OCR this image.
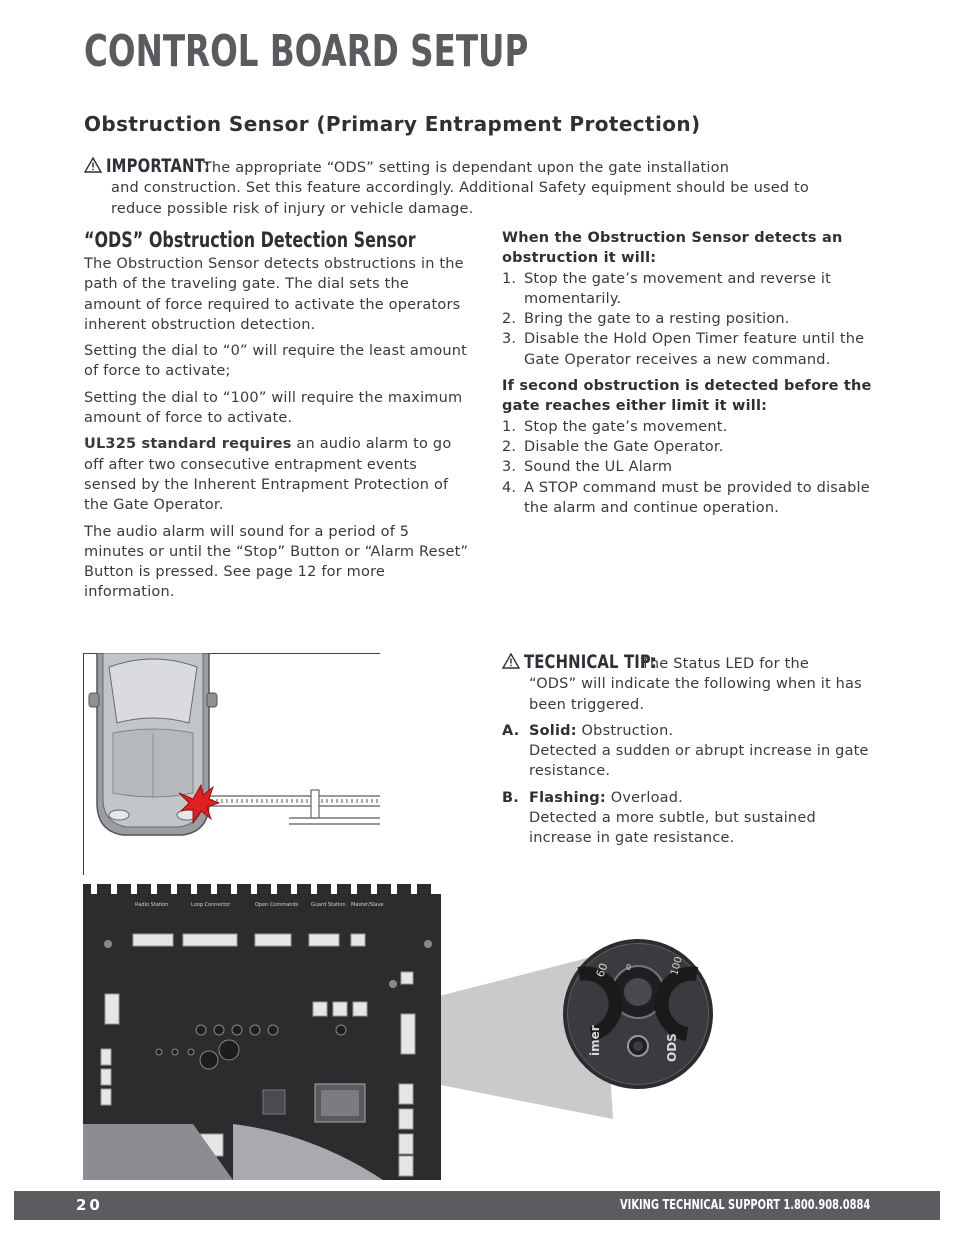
CONTROL BOARD SETUP
Obstruction Sensor (Primary Entrapment Protection)
IMPORTANT: The appropriate “ODS” setting is dependant upon the gate installation
and construction. Set this feature accordingly. Additional Safety equipment should be used to reduce possible risk of injury or vehicle damage.
“ODS” Obstruction Detection Sensor

The Obstruction Sensor detects obstructions in the path of the traveling gate. The dial sets the amount of force required to activate the operators inherent obstruction detection.

Setting the dial to “0” will require the least amount of force to activate;

Setting the dial to “100” will require the maximum amount of force to activate.

UL325 standard requires an audio alarm to go off after two consecutive entrapment events sensed by the Inherent Entrapment Protection of the Gate Operator.

The audio alarm will sound for a period of 5 minutes or until the “Stop” Button or “Alarm Reset” Button is pressed. See page 12 for more information.

When the Obstruction Sensor detects an obstruction it will:

1. Stop the gate’s movement and reverse it momentarily.
2. Bring the gate to a resting position.
3. Disable the Hold Open Timer feature until the Gate Operator receives a new command.

If second obstruction is detected before the gate reaches either limit it will:

1. Stop the gate’s movement.
2. Disable the Gate Operator.
3. Sound the UL Alarm
4. A STOP command must be provided to disable the alarm and continue operation.
TECHNICAL TIP: The Status LED for the
“ODS” will indicate the following when it has been triggered.
A. Solid: Obstruction.
Detected a sudden or abrupt increase in gate resistance.
B. Flashing: Overload.
Detected a more subtle, but sustained increase in gate resistance.
Radio Station	Loop Connector	Open Commands	Guard Station Master/Slave
60 0	100
ODS
imer
20	VIKING TECHNICAL SUPPORT 1.800.908.0884
